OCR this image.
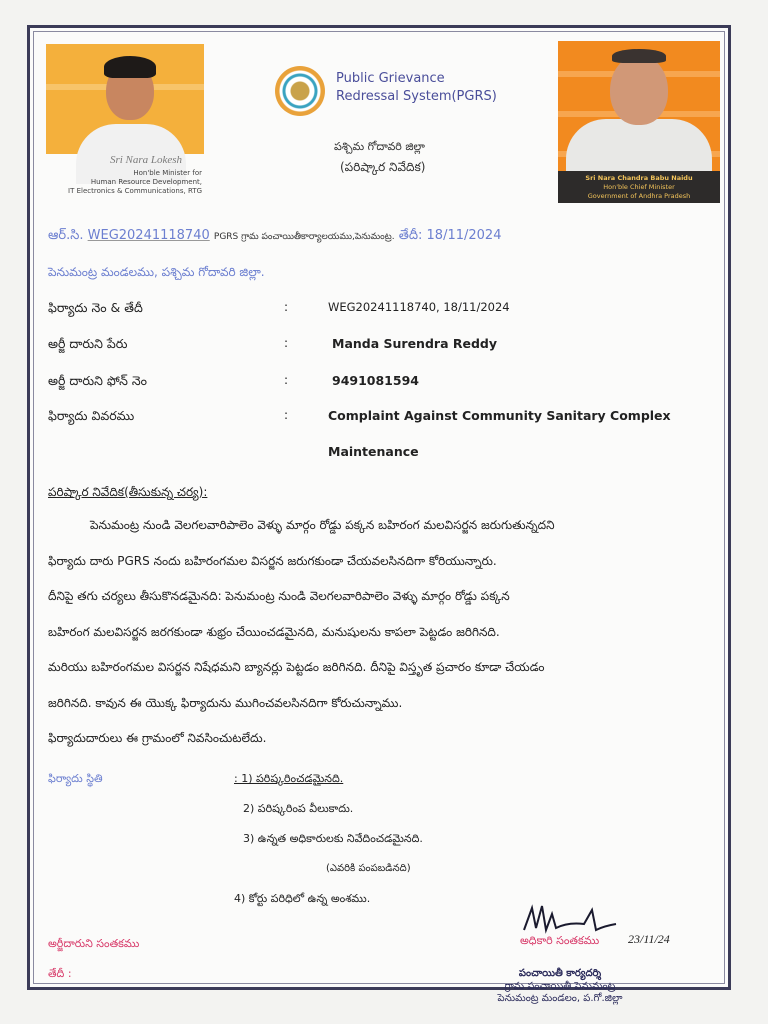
Sri Nara Lokesh
Hon'ble Minister for
Human Resource Development,
IT Electronics & Communications, RTG
Public Grievance
Redressal System(PGRS)
పశ్చిమ గోదావరి జిల్లా
(పరిష్కార నివేదిక)
Sri Nara Chandra Babu Naidu
Hon'ble Chief Minister
Government of Andhra Pradesh
ఆర్.సి. WEG20241118740 PGRS గ్రామ పంచాయితీకార్యాలయము,పెనుమంట్ర. తేదీ: 18/11/2024
పెనుమంట్ర మండలము, పశ్చిమ గోదావరి జిల్లా.
ఫిర్యాదు నెం & తేదీ	:	WEG20241118740, 18/11/2024
అర్జీ దారుని పేరు	:	Manda Surendra Reddy
అర్జీ దారుని ఫోన్ నెం	:	9491081594
ఫిర్యాదు వివరము	:	Complaint Against Community Sanitary Complex
Maintenance
పరిష్కార నివేదిక(తీసుకున్న చర్య):
పెనుమంట్ర నుండి వెలగలవారిపాలెం వెళ్ళు మార్గం రోడ్డు పక్కన బహిరంగ మలవిసర్జన జరుగుతున్నదని
ఫిర్యాదు దారు PGRS నందు బహిరంగమల విసర్జన జరుగకుండా చేయవలసినదిగా కోరియున్నారు.
దీనిపై తగు చర్యలు తీసుకొనడమైనది: పెనుమంట్ర నుండి వెలగలవారిపాలెం వెళ్ళు మార్గం రోడ్డు పక్కన
బహిరంగ మలవిసర్జన జరగకుండా శుభ్రం చేయించడమైనది, మనుషులను కాపలా పెట్టడం జరిగినది.
మరియు బహిరంగమల విసర్జన నిషేధమని బ్యానర్లు పెట్టడం జరిగినది. దీనిపై విస్తృత ప్రచారం కూడా చేయడం
జరిగినది. కావున ఈ యొక్క ఫిర్యాదును ముగించవలసినదిగా కోరుచున్నాము.
ఫిర్యాదుదారులు ఈ గ్రామంలో నివసించుటలేదు.
ఫిర్యాదు స్థితి	: 1) పరిష్కరించడమైనది.
2) పరిష్కరింప వీలుకాదు.
3) ఉన్నత అధికారులకు నివేదించడమైనది.
(ఎవరికి పంపబడినది)
4) కోర్టు పరిధిలో ఉన్న అంశము.
అర్జీదారుని సంతకము
తేదీ :
అధికారి సంతకము 23/11/24
పంచాయితీ కార్యదర్శి
గ్రామ పంచాయితీ పెనుమంట్ర
పెనుమంట్ర మండలం, ప.గో.జిల్లా
